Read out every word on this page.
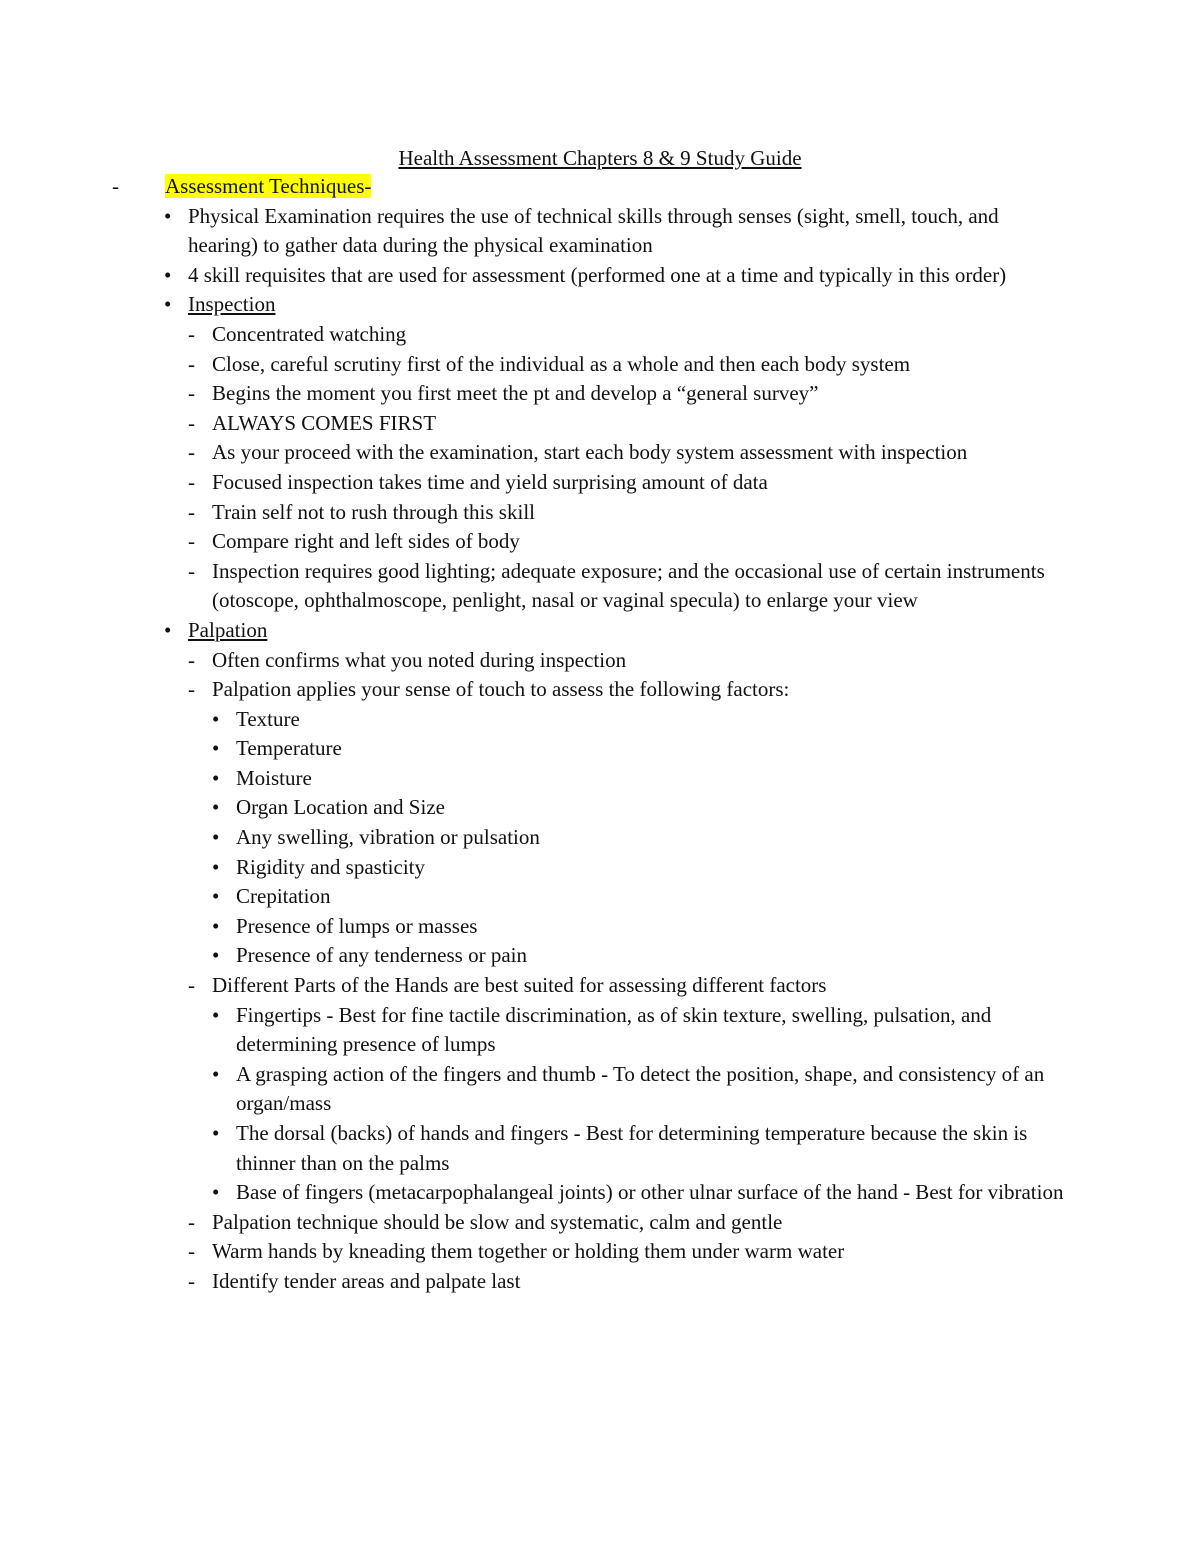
Health Assessment Chapters 8 & 9 Study Guide
-	Assessment Techniques-
• Physical Examination requires the use of technical skills through senses (sight, smell, touch, and hearing) to gather data during the physical examination
• 4 skill requisites that are used for assessment (performed one at a time and typically in this order)
• Inspection
- Concentrated watching
- Close, careful scrutiny first of the individual as a whole and then each body system
- Begins the moment you first meet the pt and develop a “general survey”
- ALWAYS COMES FIRST
- As your proceed with the examination, start each body system assessment with inspection
- Focused inspection takes time and yield surprising amount of data
- Train self not to rush through this skill
- Compare right and left sides of body
- Inspection requires good lighting; adequate exposure; and the occasional use of certain instruments (otoscope, ophthalmoscope, penlight, nasal or vaginal specula) to enlarge your view
• Palpation
- Often confirms what you noted during inspection
- Palpation applies your sense of touch to assess the following factors:
• Texture
• Temperature
• Moisture
• Organ Location and Size
• Any swelling, vibration or pulsation
• Rigidity and spasticity
• Crepitation
• Presence of lumps or masses
• Presence of any tenderness or pain
- Different Parts of the Hands are best suited for assessing different factors
• Fingertips - Best for fine tactile discrimination, as of skin texture, swelling, pulsation, and determining presence of lumps
• A grasping action of the fingers and thumb - To detect the position, shape, and consistency of an organ/mass
• The dorsal (backs) of hands and fingers - Best for determining temperature because the skin is thinner than on the palms
• Base of fingers (metacarpophalangeal joints) or other ulnar surface of the hand - Best for vibration
- Palpation technique should be slow and systematic, calm and gentle
- Warm hands by kneading them together or holding them under warm water
- Identify tender areas and palpate last
